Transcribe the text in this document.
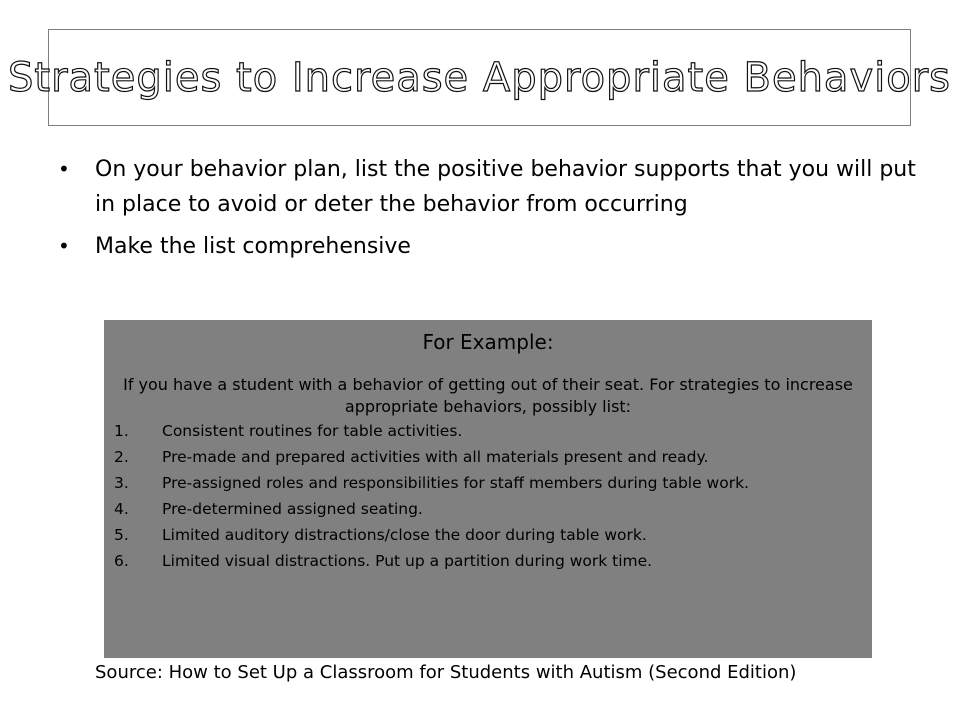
Strategies to Increase Appropriate Behaviors
• On your behavior plan, list the positive behavior supports that you will put in place to avoid or deter the behavior from occurring
• Make the list comprehensive
For Example:
If you have a student with a behavior of getting out of their seat. For strategies to increase appropriate behaviors, possibly list:
1.	Consistent routines for table activities.
2.	Pre-made and prepared activities with all materials present and ready.
3.	Pre-assigned roles and responsibilities for staff members during table work.
4.	Pre-determined assigned seating.
5.	Limited auditory distractions/close the door during table work.
6.	Limited visual distractions. Put up a partition during work time.
Source: How to Set Up a Classroom for Students with Autism (Second Edition)
